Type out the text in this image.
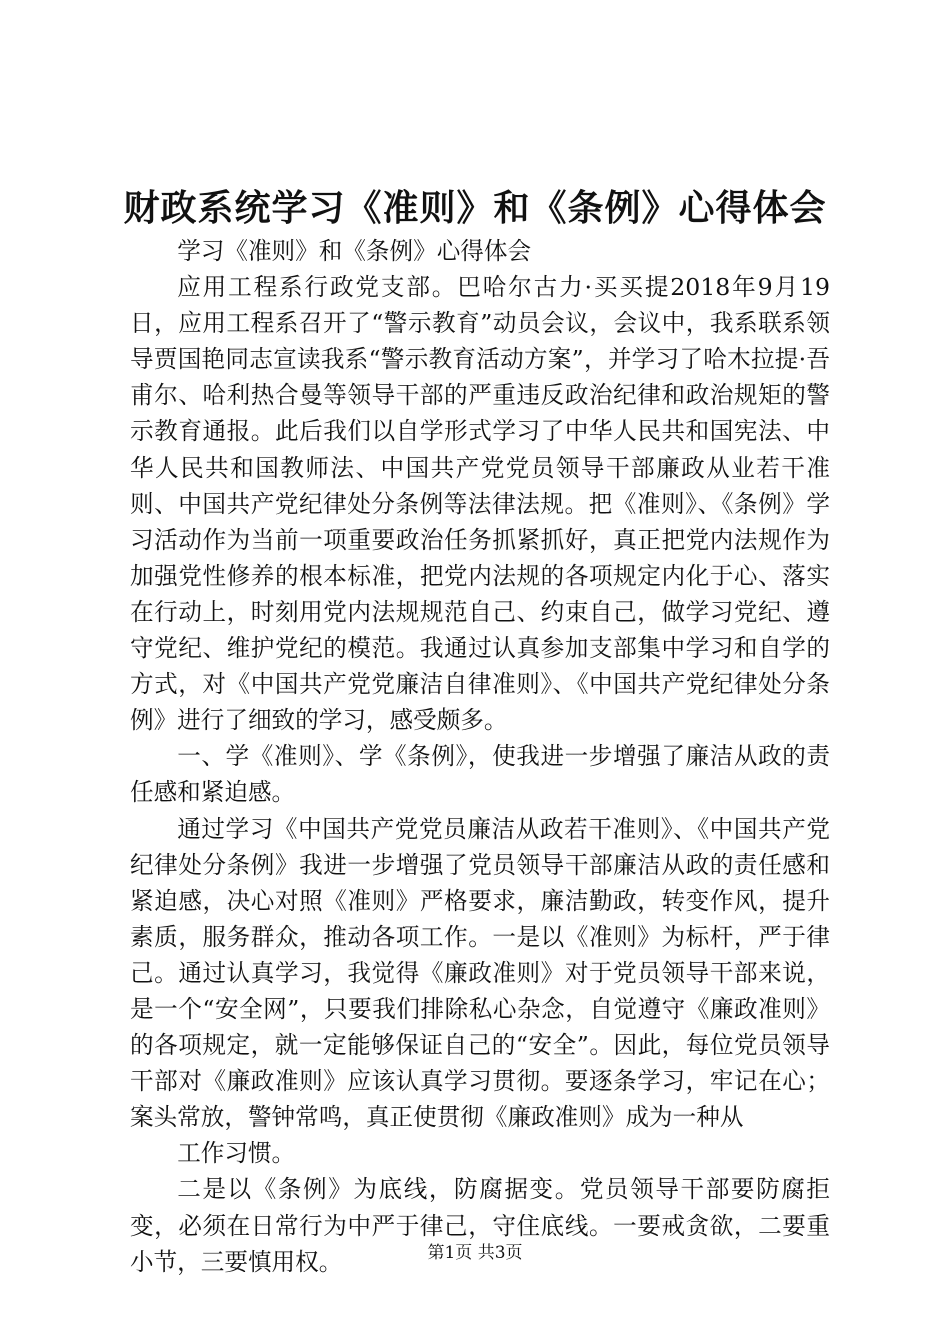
财政系统学习《准则》和《条例》心得体会

学习《准则》和《条例》心得体会

应用工程系行政党支部。巴哈尔古力·买买提2018年9月19日，应用工程系召开了“警示教育”动员会议，会议中，我系联系领导贾国艳同志宣读我系“警示教育活动方案”，并学习了哈木拉提·吾甫尔、哈利热合曼等领导干部的严重违反政治纪律和政治规矩的警示教育通报。此后我们以自学形式学习了中华人民共和国宪法、中华人民共和国教师法、中国共产党党员领导干部廉政从业若干准则、中国共产党纪律处分条例等法律法规。把《准则》、《条例》学习活动作为当前一项重要政治任务抓紧抓好，真正把党内法规作为加强党性修养的根本标准，把党内法规的各项规定内化于心、落实在行动上，时刻用党内法规规范自己、约束自己，做学习党纪、遵守党纪、维护党纪的模范。我通过认真参加支部集中学习和自学的方式，对《中国共产党党廉洁自律准则》、《中国共产党纪律处分条例》进行了细致的学习，感受颇多。

一、学《准则》、学《条例》，使我进一步增强了廉洁从政的责任感和紧迫感。

通过学习《中国共产党党员廉洁从政若干准则》、《中国共产党纪律处分条例》我进一步增强了党员领导干部廉洁从政的责任感和紧迫感，决心对照《准则》严格要求，廉洁勤政，转变作风，提升素质，服务群众，推动各项工作。一是以《准则》为标杆，严于律己。通过认真学习，我觉得《廉政准则》对于党员领导干部来说，是一个“安全网”，只要我们排除私心杂念，自觉遵守《廉政准则》的各项规定，就一定能够保证自己的“安全”。因此，每位党员领导干部对《廉政准则》应该认真学习贯彻。要逐条学习，牢记在心；案头常放，警钟常鸣，真正使贯彻《廉政准则》成为一种从

工作习惯。

二是以《条例》为底线，防腐据变。党员领导干部要防腐拒变，必须在日常行为中严于律己，守住底线。一要戒贪欲，二要重小节，三要慎用权。	第1页 共3页
